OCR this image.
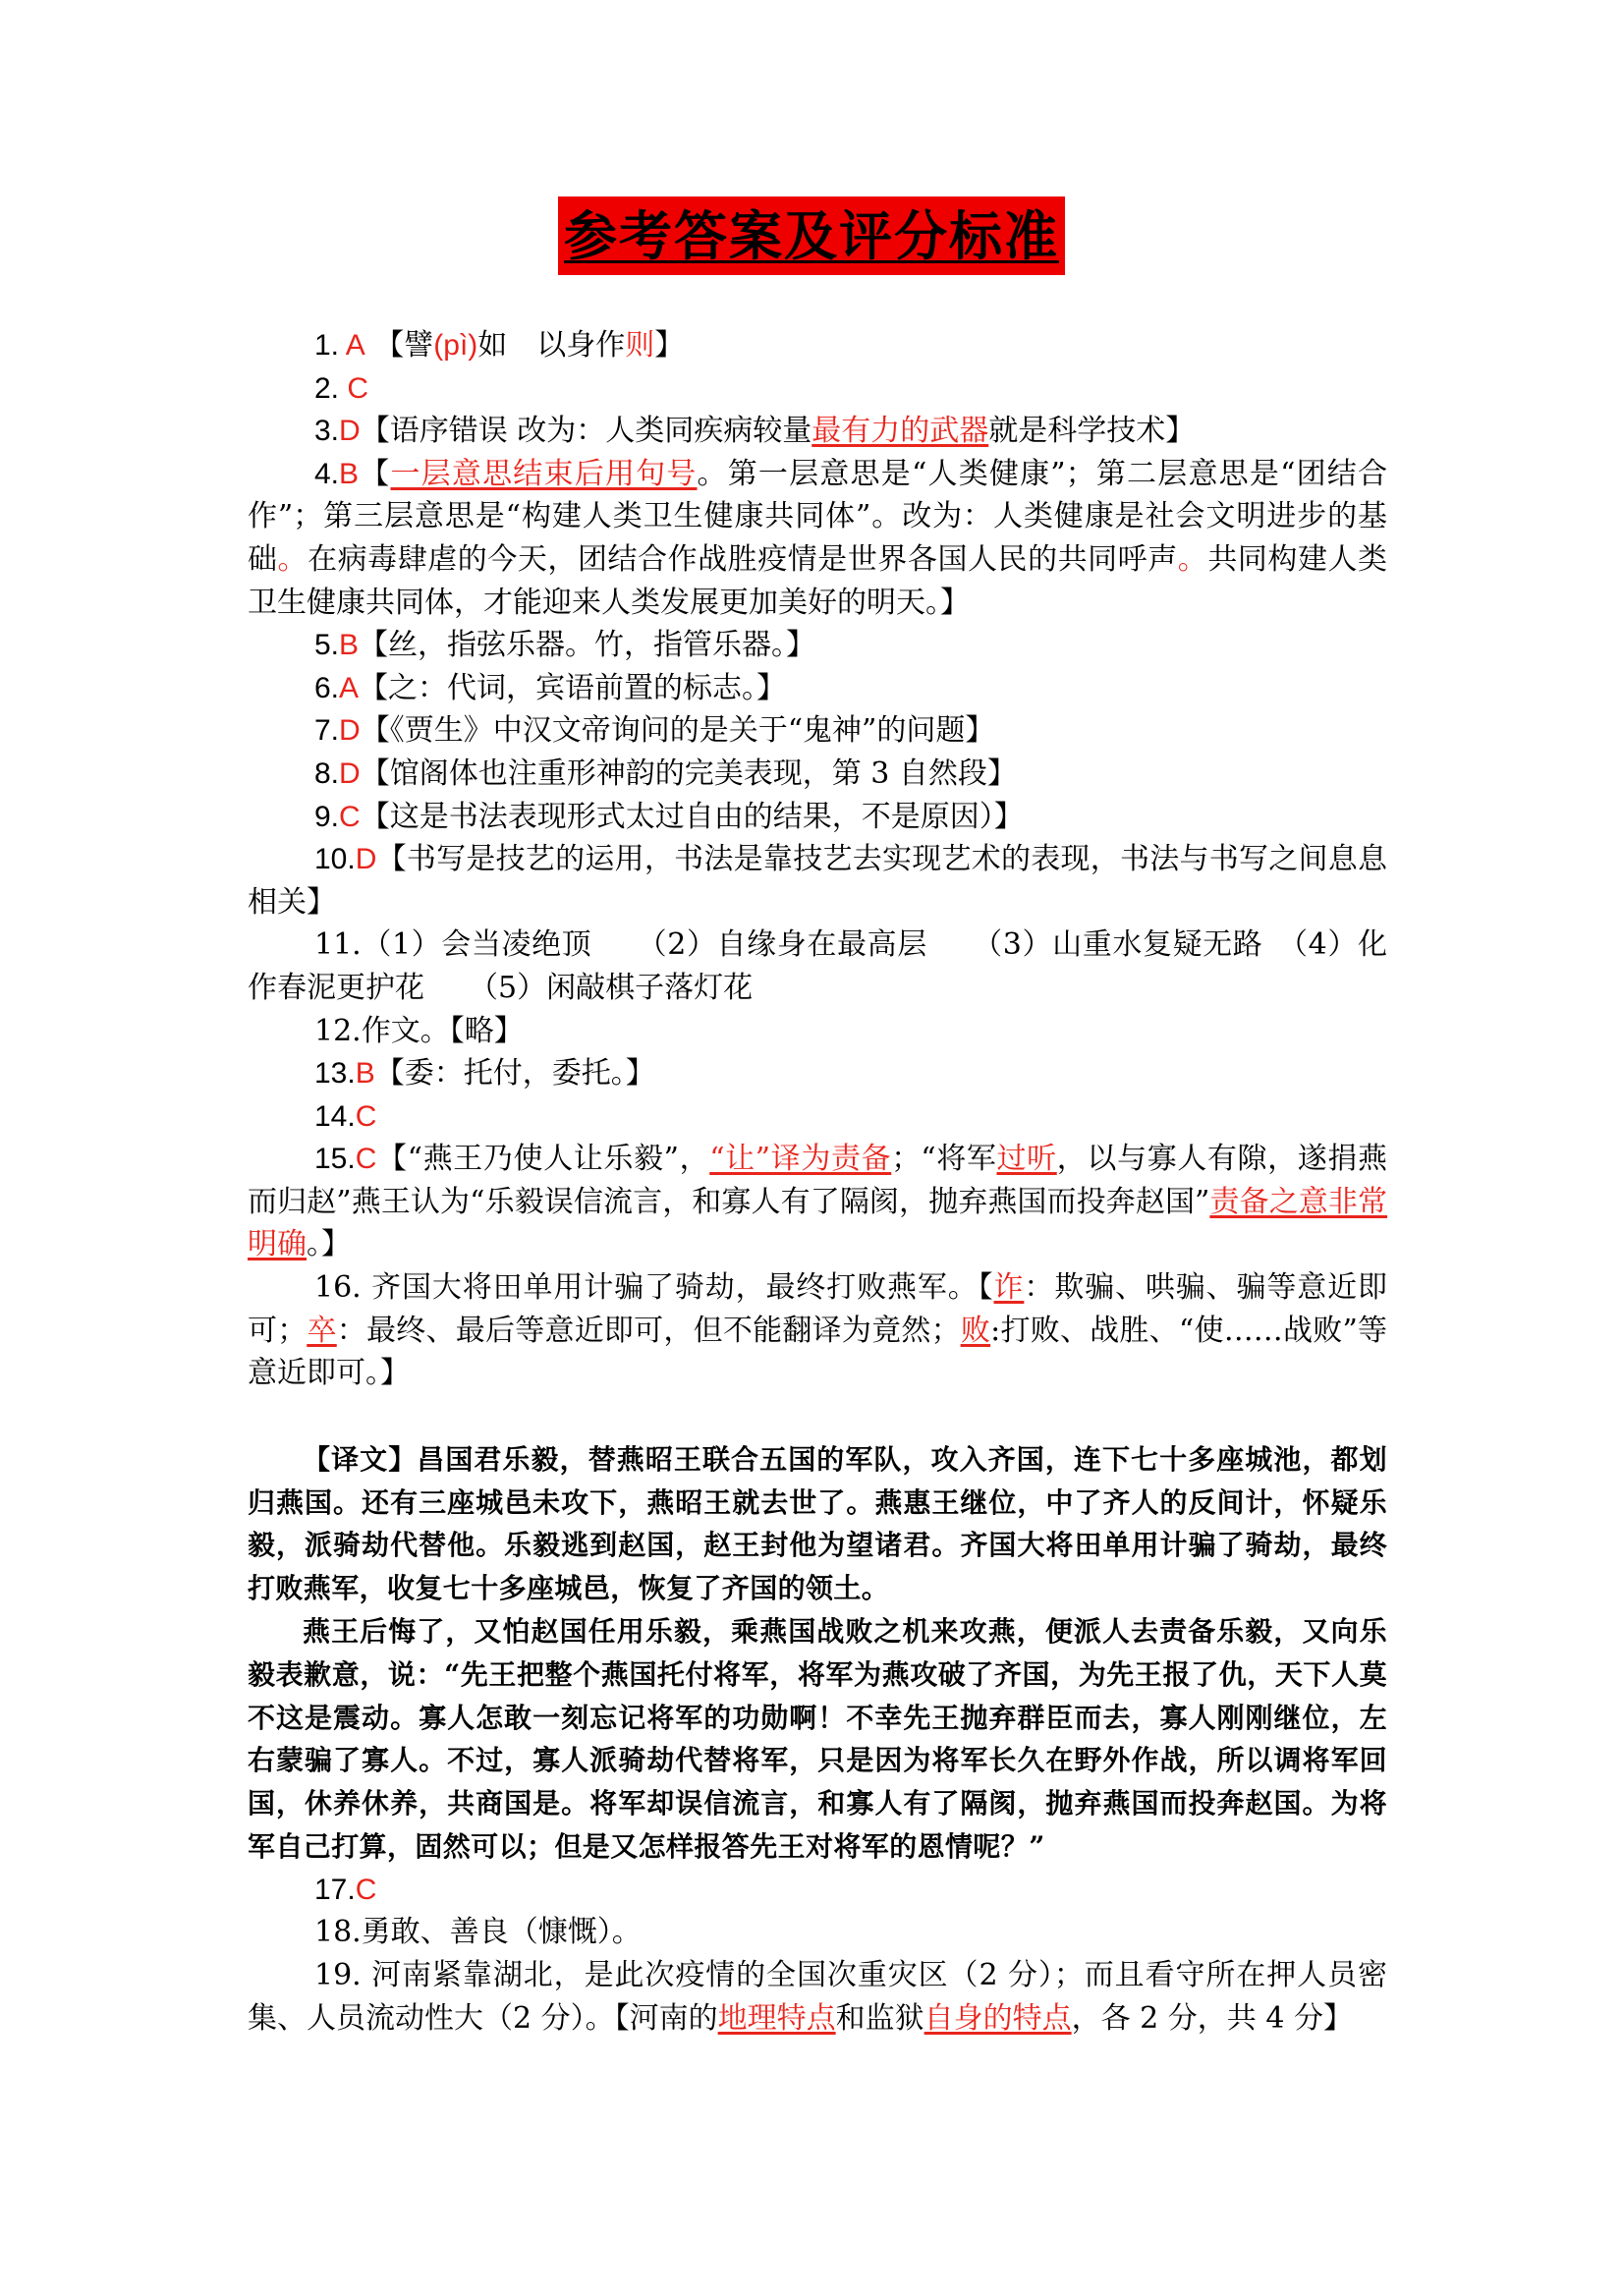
参考答案及评分标准

1. A 【譬(pì)如　以身作则】

2. C

3.D【语序错误 改为：人类同疾病较量最有力的武器就是科学技术】

4.B【一层意思结束后用句号。第一层意思是“人类健康”；第二层意思是“团结合作”；第三层意思是“构建人类卫生健康共同体”。改为：人类健康是社会文明进步的基础。在病毒肆虐的今天，团结合作战胜疫情是世界各国人民的共同呼声。共同构建人类卫生健康共同体，才能迎来人类发展更加美好的明天。】

5.B【丝，指弦乐器。竹，指管乐器。】

6.A【之：代词，宾语前置的标志。】

7.D【《贾生》中汉文帝询问的是关于“鬼神”的问题】

8.D【馆阁体也注重形神韵的完美表现，第 3 自然段】

9.C【这是书法表现形式太过自由的结果，不是原因）】

10.D【书写是技艺的运用，书法是靠技艺去实现艺术的表现，书法与书写之间息息相关】

11.（1）会当凌绝顶　　（2）自缘身在最高层　　（3）山重水复疑无路　（4）化作春泥更护花　　（5）闲敲棋子落灯花

12.作文。【略】

13.B【委：托付，委托。】

14.C

15.C【“燕王乃使人让乐毅”，“让”译为责备；“将军过听，以与寡人有隙，遂捐燕而归赵”燕王认为“乐毅误信流言，和寡人有了隔阂，抛弃燕国而投奔赵国”责备之意非常明确。】

16. 齐国大将田单用计骗了骑劫，最终打败燕军。【诈：欺骗、哄骗、骗等意近即可；卒：最终、最后等意近即可，但不能翻译为竟然；败:打败、战胜、“使……战败”等意近即可。】

【译文】昌国君乐毅，替燕昭王联合五国的军队，攻入齐国，连下七十多座城池，都划归燕国。还有三座城邑未攻下，燕昭王就去世了。燕惠王继位，中了齐人的反间计，怀疑乐毅，派骑劫代替他。乐毅逃到赵国，赵王封他为望诸君。齐国大将田单用计骗了骑劫，最终打败燕军，收复七十多座城邑，恢复了齐国的领土。

燕王后悔了，又怕赵国任用乐毅，乘燕国战败之机来攻燕，便派人去责备乐毅，又向乐毅表歉意，说：“先王把整个燕国托付将军，将军为燕攻破了齐国，为先王报了仇，天下人莫不这是震动。寡人怎敢一刻忘记将军的功勋啊！不幸先王抛弃群臣而去，寡人刚刚继位，左右蒙骗了寡人。不过，寡人派骑劫代替将军，只是因为将军长久在野外作战，所以调将军回国，休养休养，共商国是。将军却误信流言，和寡人有了隔阂，抛弃燕国而投奔赵国。为将军自己打算，固然可以；但是又怎样报答先王对将军的恩情呢？”

17.C

18.勇敢、善良（慷慨）。

19. 河南紧靠湖北，是此次疫情的全国次重灾区（2 分）；而且看守所在押人员密集、人员流动性大（2 分）。【河南的地理特点和监狱自身的特点，各 2 分，共 4 分】
